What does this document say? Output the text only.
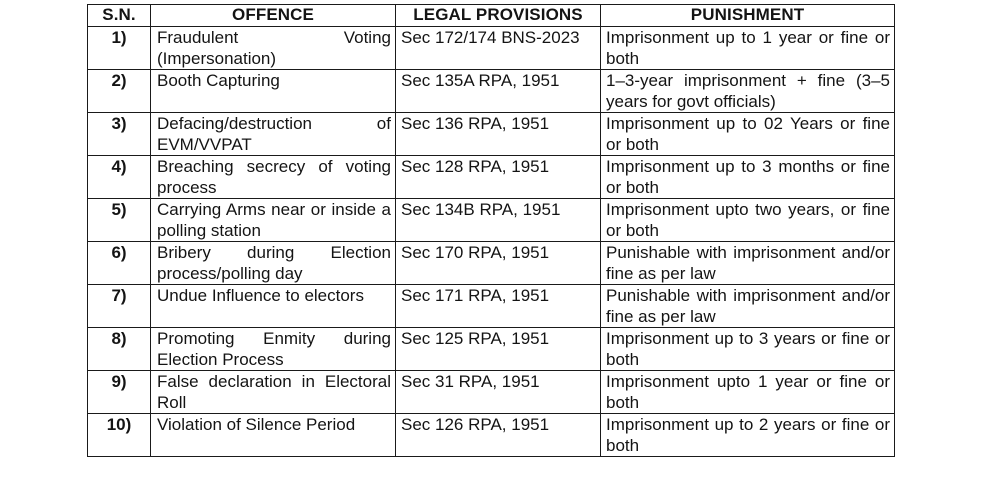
S.N.	OFFENCE	LEGAL PROVISIONS	PUNISHMENT
1)	Fraudulent Voting (Impersonation)	Sec 172/174 BNS-2023	Imprisonment up to 1 year or fine or both
2)	Booth Capturing	Sec 135A RPA, 1951	1–3-year imprisonment + fine (3–5 years for govt officials)
3)	Defacing/destruction of EVM/VVPAT	Sec 136 RPA, 1951	Imprisonment up to 02 Years or fine or both
4)	Breaching secrecy of voting process	Sec 128 RPA, 1951	Imprisonment up to 3 months or fine or both
5)	Carrying Arms near or inside a polling station	Sec 134B RPA, 1951	Imprisonment upto two years, or fine or both
6)	Bribery during Election process/polling day	Sec 170 RPA, 1951	Punishable with imprisonment and/or fine as per law
7)	Undue Influence to electors	Sec 171 RPA, 1951	Punishable with imprisonment and/or fine as per law
8)	Promoting Enmity during Election Process	Sec 125 RPA, 1951	Imprisonment up to 3 years or fine or both
9)	False declaration in Electoral Roll	Sec 31 RPA, 1951	Imprisonment upto 1 year or fine or both
10)	Violation of Silence Period	Sec 126 RPA, 1951	Imprisonment up to 2 years or fine or both
